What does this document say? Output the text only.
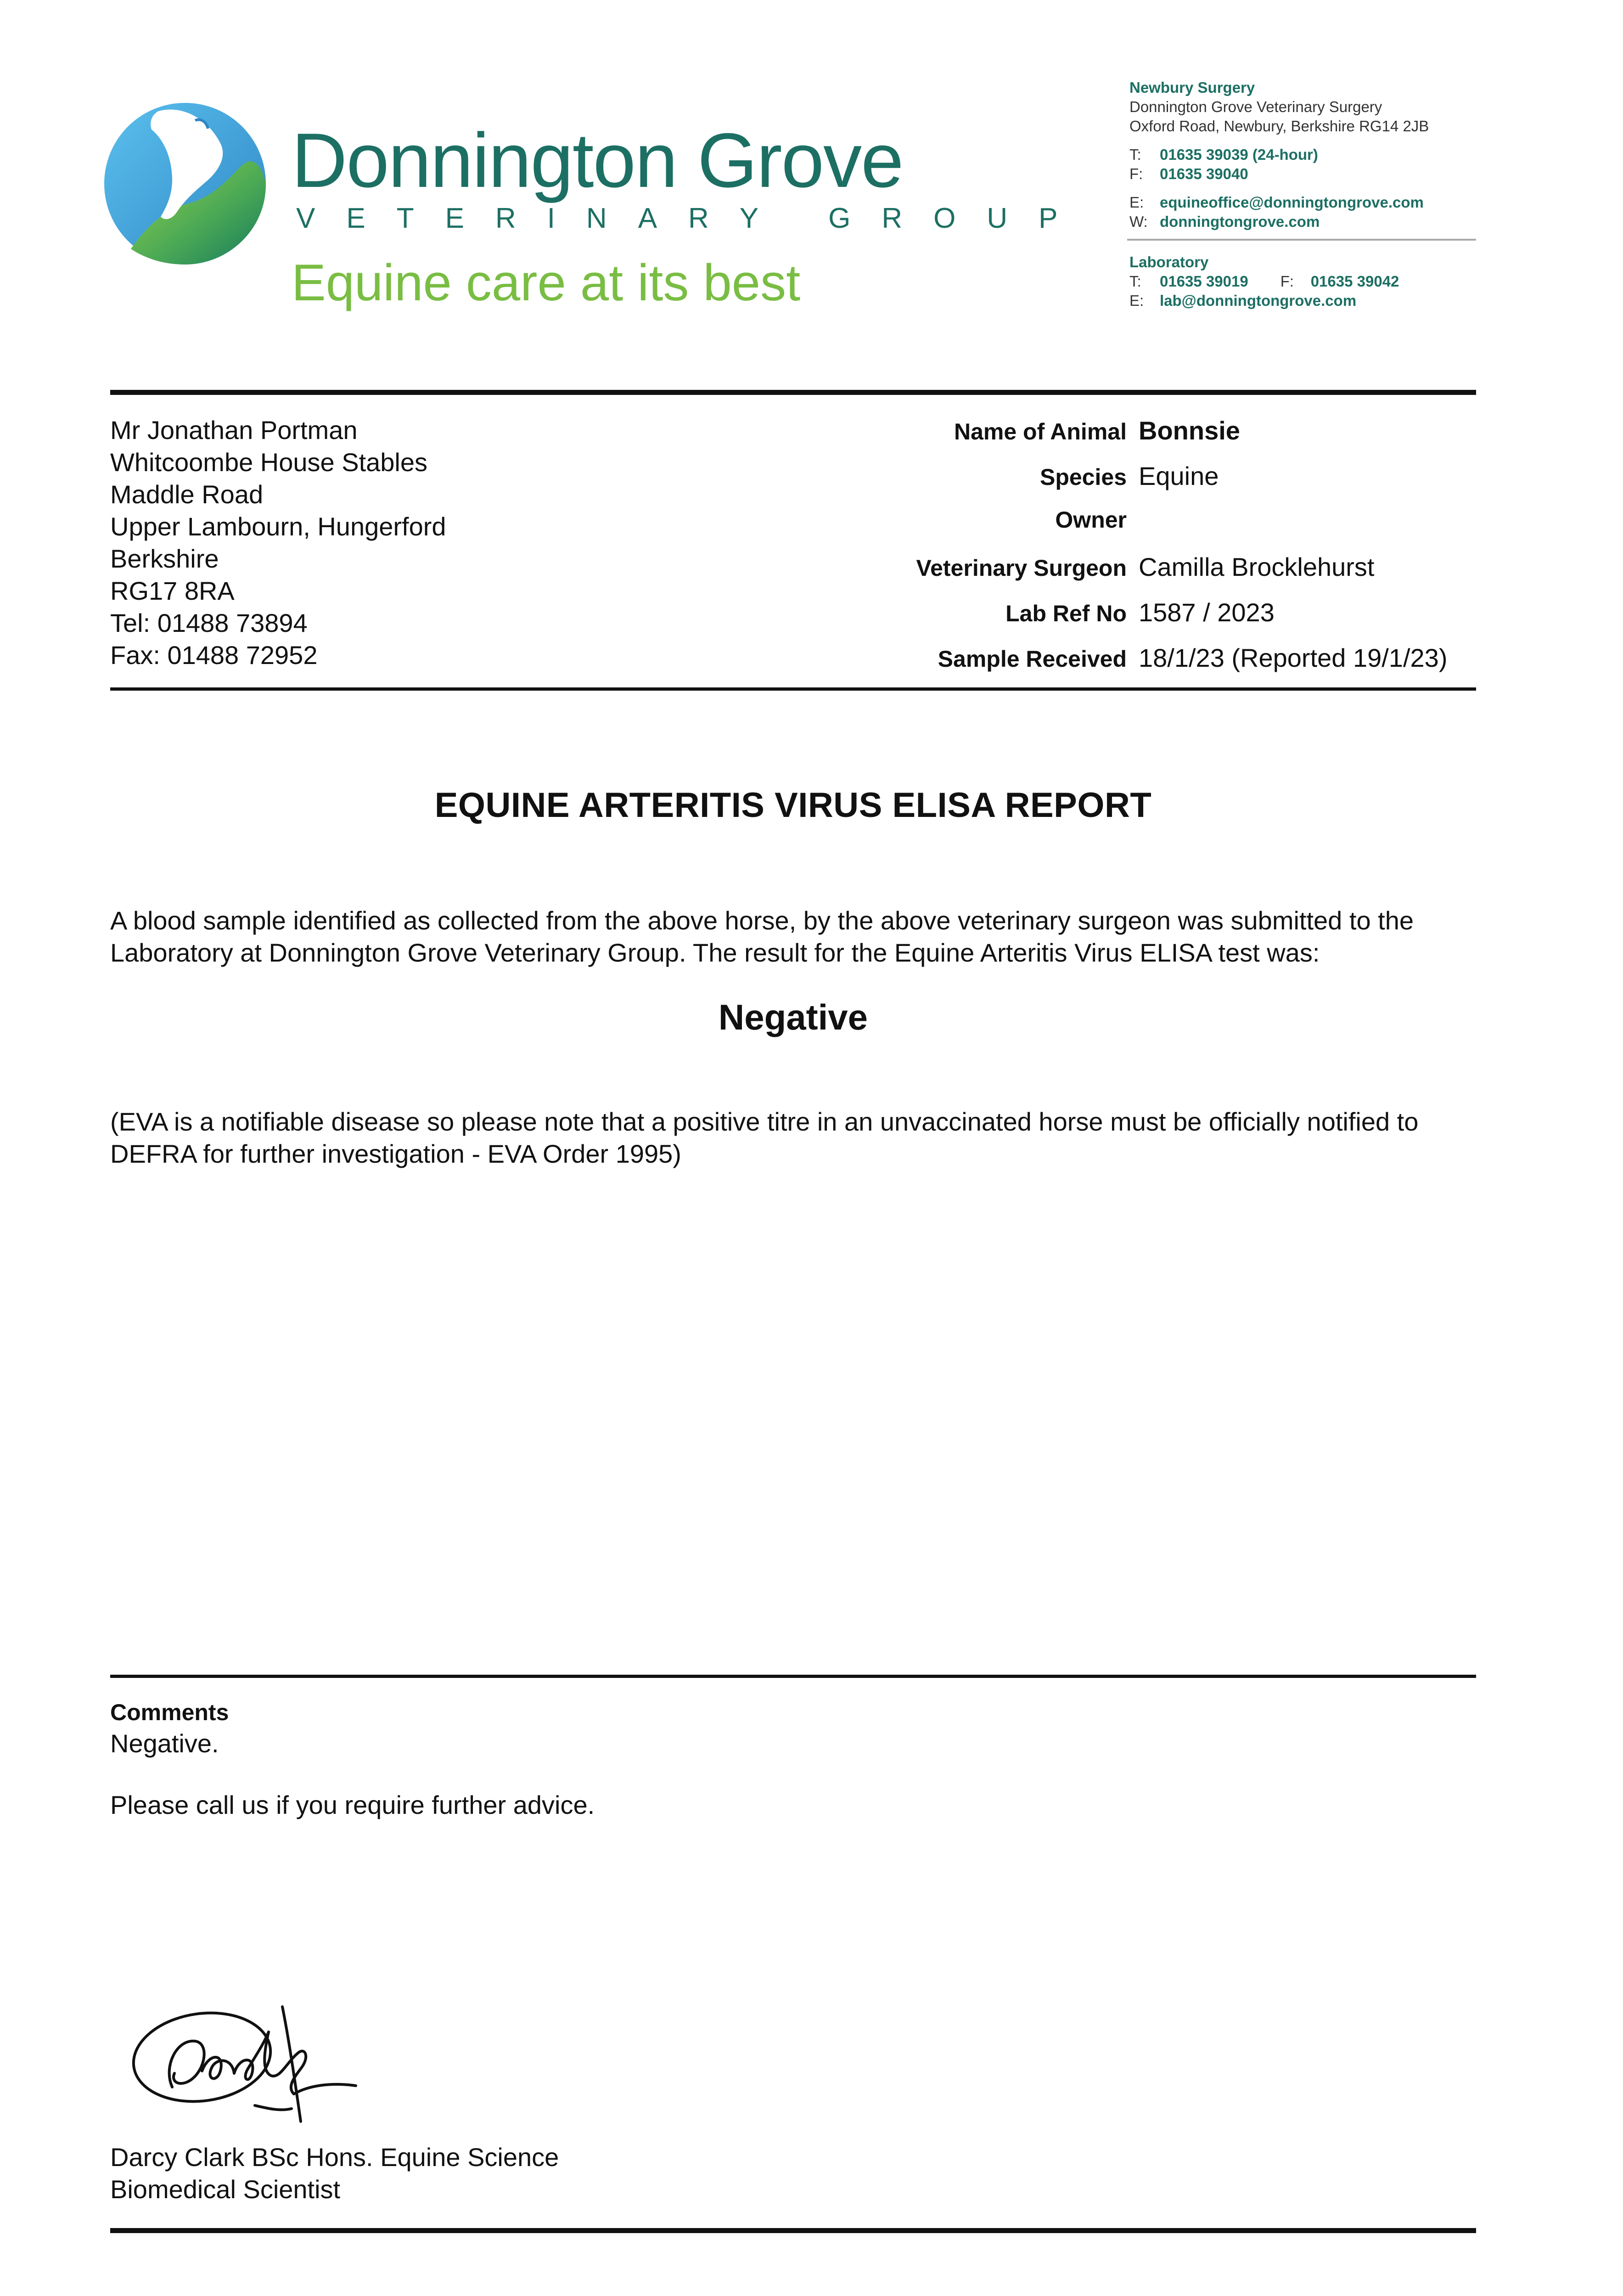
Donnington Grove
VETERINARY GROUP
Equine care at its best
Newbury Surgery
Donnington Grove Veterinary Surgery
Oxford Road, Newbury, Berkshire RG14 2JB
T:	01635 39039 (24-hour)
F:	01635 39040
E:	equineoffice@donningtongrove.com
W: donningtongrove.com
Laboratory
T:	01635 39019 F:	01635 39042
E:	lab@donningtongrove.com
Mr Jonathan Portman
Whitcoombe House Stables
Maddle Road
Upper Lambourn, Hungerford
Berkshire
RG17 8RA
Tel: 01488 73894
Fax: 01488 72952
Name of Animal Bonnsie
Species Equine
Owner
Veterinary Surgeon Camilla Brocklehurst
Lab Ref No 1587 / 2023
Sample Received 18/1/23 (Reported 19/1/23)
EQUINE ARTERITIS VIRUS ELISA REPORT
A blood sample identified as collected from the above horse, by the above veterinary surgeon was submitted to the Laboratory at Donnington Grove Veterinary Group. The result for the Equine Arteritis Virus ELISA test was:
Negative
(EVA is a notifiable disease so please note that a positive titre in an unvaccinated horse must be officially notified to DEFRA for further investigation - EVA Order 1995)
Comments
Negative.
Please call us if you require further advice.
Darcy Clark BSc Hons. Equine Science
Biomedical Scientist
